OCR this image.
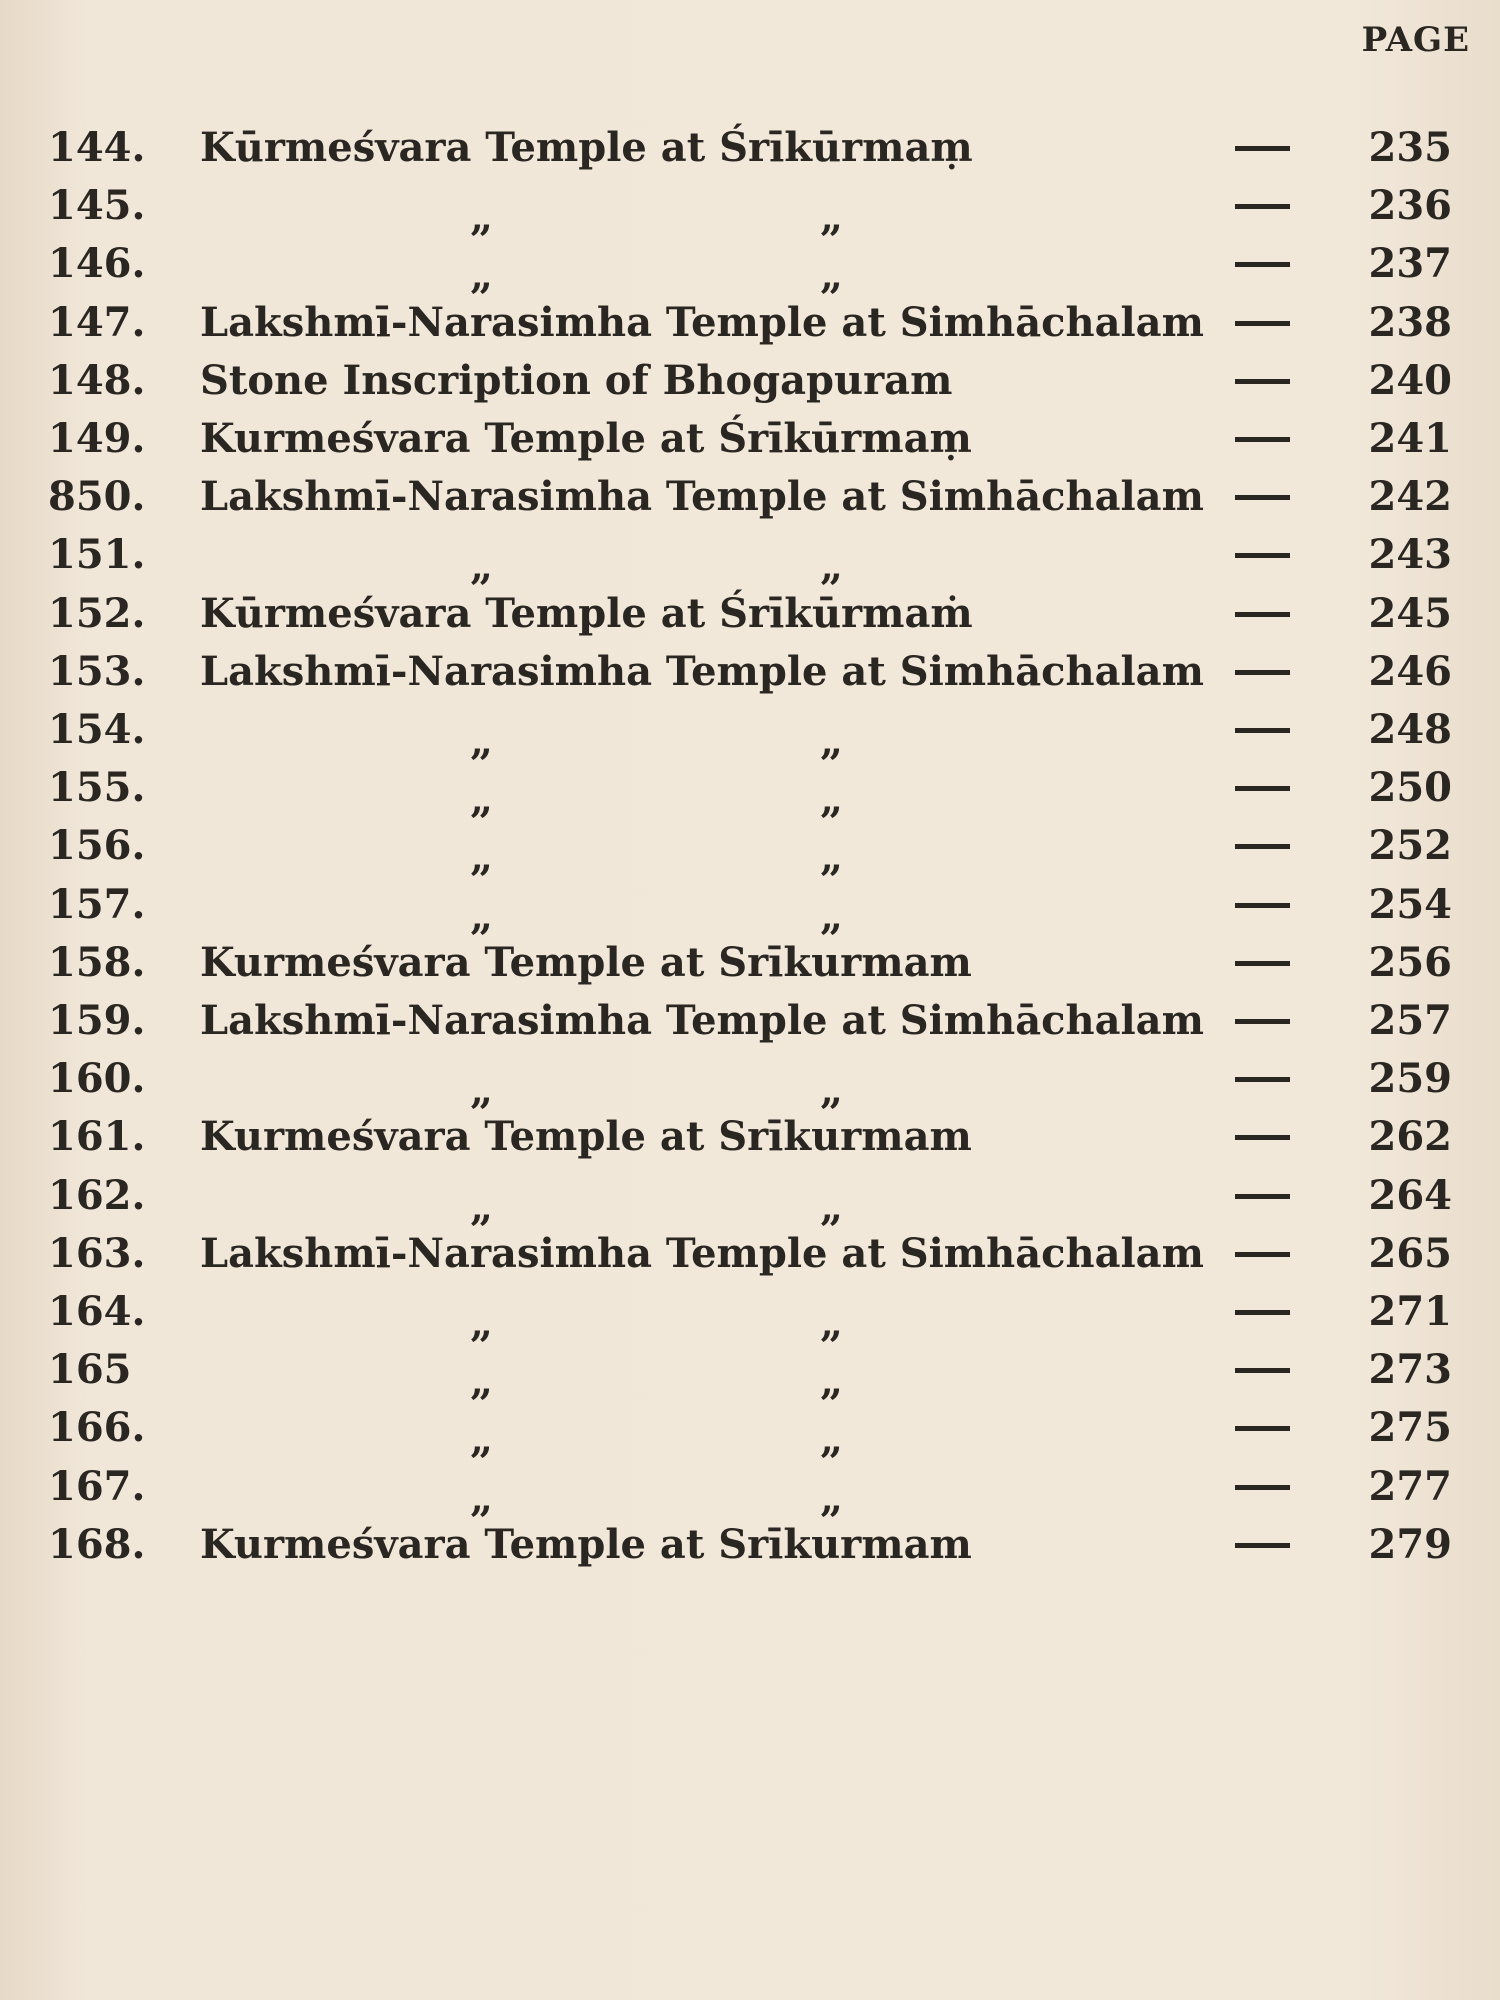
PAGE
144.	Kūrmeśvara Temple at Śrīkūrmaṃ	235
145.	„	„	236
146.	„	„	237
147.	Lakshmī-Narasimha Temple at Simhāchalam	238
148.	Stone Inscription of Bhogapuram	240
149.	Kurmeśvara Temple at Śrīkūrmaṃ	241
850.	Lakshmī-Narasimha Temple at Simhāchalam	242
151.	„	„	243
152.	Kūrmeśvara Temple at Śrīkūrmaṁ	245
153.	Lakshmī-Narasimha Temple at Simhāchalam	246
154.	„	„	248
155.	„	„	250
156.	„	„	252
157.	„	„	254
158.	Kurmeśvara Temple at Srīkurmam	256
159.	Lakshmī-Narasimha Temple at Simhāchalam	257
160.	„	„	259
161.	Kurmeśvara Temple at Srīkurmam	262
162.	„	„	264
163.	Lakshmī-Narasimha Temple at Simhāchalam	265
164.	„	„	271
165	„	„	273
166.	„	„	275
167.	„	„	277
168.	Kurmeśvara Temple at Srīkurmam	279
